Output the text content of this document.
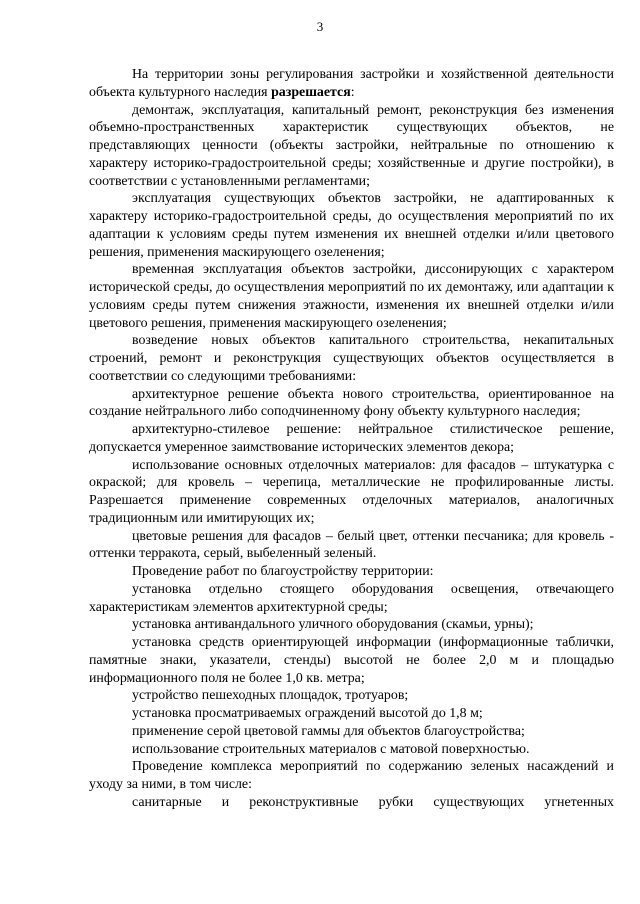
3

На территории зоны регулирования застройки и хозяйственной деятельности объекта культурного наследия разрешается:

демонтаж, эксплуатация, капитальный ремонт, реконструкция без изменения объемно-пространственных характеристик существующих объектов, не представляющих ценности (объекты застройки, нейтральные по отношению к характеру историко-градостроительной среды; хозяйственные и другие постройки), в соответствии с установленными регламентами;

эксплуатация существующих объектов застройки, не адаптированных к характеру историко-градостроительной среды, до осуществления мероприятий по их адаптации к условиям среды путем изменения их внешней отделки и/или цветового решения, применения маскирующего озеленения;

временная эксплуатация объектов застройки, диссонирующих с характером исторической среды, до осуществления мероприятий по их демонтажу, или адаптации к условиям среды путем снижения этажности, изменения их внешней отделки и/или цветового решения, применения маскирующего озеленения;

возведение новых объектов капитального строительства, некапитальных строений, ремонт и реконструкция существующих объектов осуществляется в соответствии со следующими требованиями:

архитектурное решение объекта нового строительства, ориентированное на создание нейтрального либо соподчиненному фону объекту культурного наследия;

архитектурно-стилевое решение: нейтральное стилистическое решение, допускается умеренное заимствование исторических элементов декора;

использование основных отделочных материалов: для фасадов – штукатурка с окраской; для кровель – черепица, металлические не профилированные листы. Разрешается применение современных отделочных материалов, аналогичных традиционным или имитирующих их;

цветовые решения для фасадов – белый цвет, оттенки песчаника; для кровель - оттенки терракота, серый, выбеленный зеленый.

Проведение работ по благоустройству территории:

установка отдельно стоящего оборудования освещения, отвечающего характеристикам элементов архитектурной среды;

установка антивандального уличного оборудования (скамьи, урны);

установка средств ориентирующей информации (информационные таблички, памятные знаки, указатели, стенды) высотой не более 2,0 м и площадью информационного поля не более 1,0 кв. метра;

устройство пешеходных площадок, тротуаров;

установка просматриваемых ограждений высотой до 1,8 м;

применение серой цветовой гаммы для объектов благоустройства;

использование строительных материалов с матовой поверхностью.

Проведение комплекса мероприятий по содержанию зеленых насаждений и уходу за ними, в том числе:

санитарные и реконструктивные рубки существующих угнетенных
